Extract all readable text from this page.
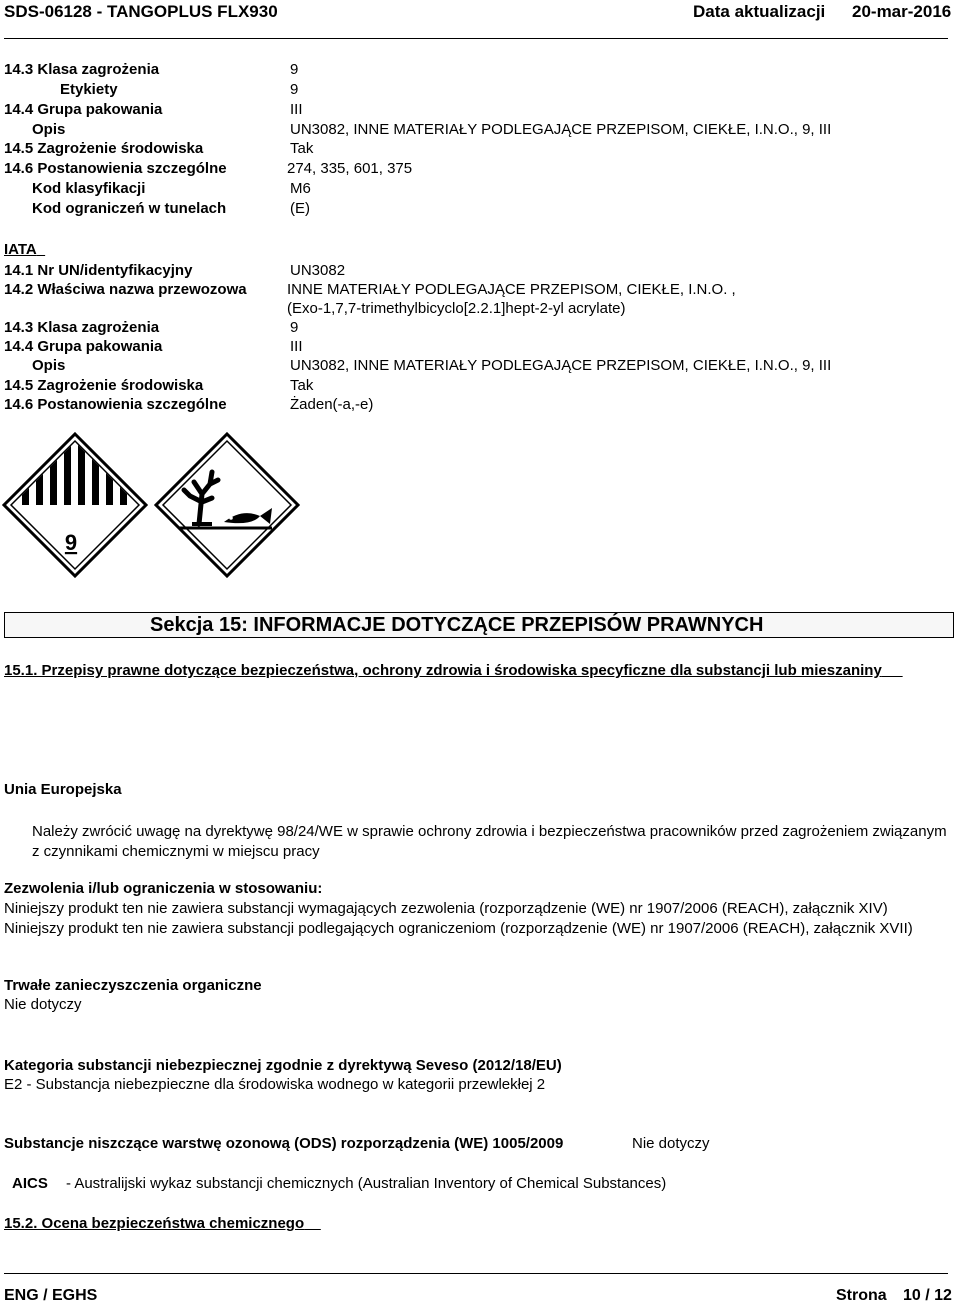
SDS-06128 - TANGOPLUS FLX930	Data aktualizacji 20-mar-2016
14.3 Klasa zagrożenia	9
Etykiety	9
14.4 Grupa pakowania	III
Opis	UN3082, INNE MATERIAŁY PODLEGAJĄCE PRZEPISOM, CIEKŁE, I.N.O., 9, III
14.5 Zagrożenie środowiska	Tak
14.6 Postanowienia szczególne	274, 335, 601, 375
Kod klasyfikacji	M6
Kod ograniczeń w tunelach	(E)
IATA
14.1 Nr UN/identyfikacyjny	UN3082
14.2 Właściwa nazwa przewozowa	INNE MATERIAŁY PODLEGAJĄCE PRZEPISOM, CIEKŁE, I.N.O. ,
(Exo-1,7,7-trimethylbicyclo[2.2.1]hept-2-yl acrylate)
14.3 Klasa zagrożenia	9
14.4 Grupa pakowania	III
Opis	UN3082, INNE MATERIAŁY PODLEGAJĄCE PRZEPISOM, CIEKŁE, I.N.O., 9, III
14.5 Zagrożenie środowiska	Tak
14.6 Postanowienia szczególne	Żaden(-a,-e)
9
Sekcja 15: INFORMACJE DOTYCZĄCE PRZEPISÓW PRAWNYCH
15.1. Przepisy prawne dotyczące bezpieczeństwa, ochrony zdrowia i środowiska specyficzne dla substancji lub mieszaniny
Unia Europejska
Należy zwrócić uwagę na dyrektywę 98/24/WE w sprawie ochrony zdrowia i bezpieczeństwa pracowników przed zagrożeniem związanym z czynnikami chemicznymi w miejscu pracy
Zezwolenia i/lub ograniczenia w stosowaniu:
Niniejszy produkt ten nie zawiera substancji wymagających zezwolenia (rozporządzenie (WE) nr 1907/2006 (REACH), załącznik XIV) Niniejszy produkt ten nie zawiera substancji podlegających ograniczeniom (rozporządzenie (WE) nr 1907/2006 (REACH), załącznik XVII)
Trwałe zanieczyszczenia organiczne
Nie dotyczy
Kategoria substancji niebezpiecznej zgodnie z dyrektywą Seveso (2012/18/EU)
E2 - Substancja niebezpieczne dla środowiska wodnego w kategorii przewlekłej 2
Substancje niszczące warstwę ozonową (ODS) rozporządzenia (WE) 1005/2009	Nie dotyczy
AICS - Australijski wykaz substancji chemicznych (Australian Inventory of Chemical Substances)
15.2. Ocena bezpieczeństwa chemicznego
ENG / EGHS	Strona 10 / 12
